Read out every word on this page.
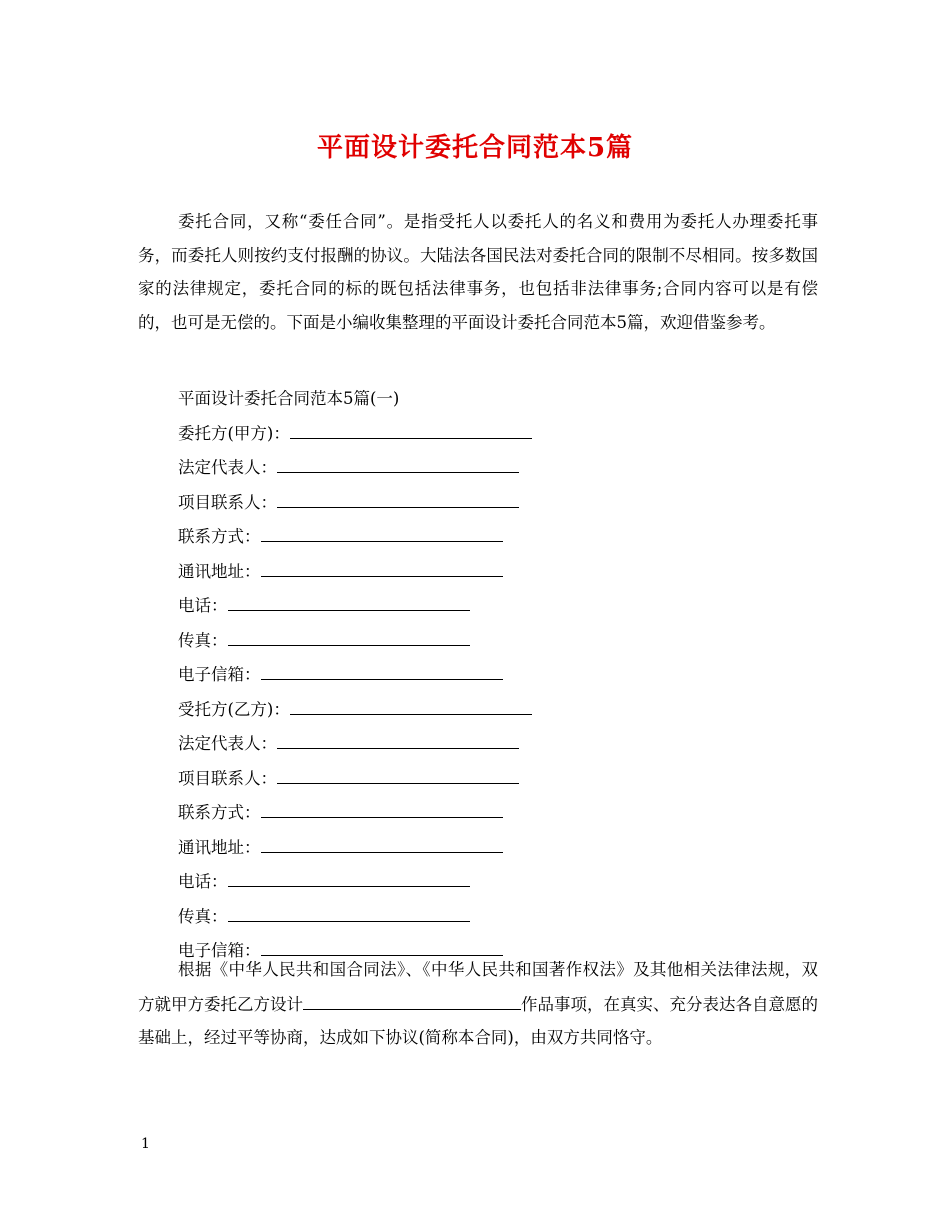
平面设计委托合同范本5篇

委托合同，又称“委任合同”。是指受托人以委托人的名义和费用为委托人办理委托事务，而委托人则按约支付报酬的协议。大陆法各国民法对委托合同的限制不尽相同。按多数国家的法律规定，委托合同的标的既包括法律事务，也包括非法律事务;合同内容可以是有偿的，也可是无偿的。下面是小编收集整理的平面设计委托合同范本5篇，欢迎借鉴参考。

平面设计委托合同范本5篇(一)
委托方(甲方)：
法定代表人：
项目联系人：
联系方式：
通讯地址：
电话：
传真：
电子信箱：
受托方(乙方)：
法定代表人：
项目联系人：
联系方式：
通讯地址：
电话：
传真：
电子信箱：

根据《中华人民共和国合同法》、《中华人民共和国著作权法》及其他相关法律法规，双方就甲方委托乙方设计	作品事项，在真实、充分表达各自意愿的基础上，经过平等协商，达成如下协议(简称本合同)，由双方共同恪守。

1
